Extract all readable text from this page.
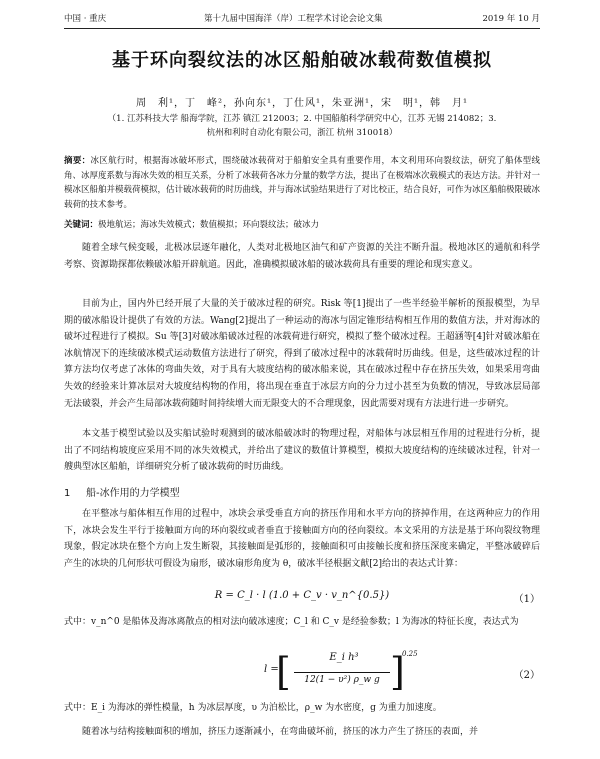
中国 · 重庆	第十九届中国海洋（岸）工程学术讨论会论文集	2019 年 10 月
基于环向裂纹法的冰区船舶破冰载荷数值模拟
周　利¹，丁　峰²，孙向东¹，丁仕风¹，朱亚洲¹，宋　明¹，韩　月¹
（1. 江苏科技大学 船海学院，江苏 镇江 212003；2. 中国船舶科学研究中心，江苏 无锡 214082；3.
杭州和利时自动化有限公司，浙江 杭州 310018）
摘要：冰区航行时，根据海冰破坏形式，围绕破冰载荷对于船舶安全具有重要作用，本文利用环向裂纹法，研究了船体型线角、冰厚度系数与海冰失效的相互关系，分析了冰载荷各冰力分量的数学方法，提出了在极端冰次载模式的表达方法。并针对一模冰区船舶并模载荷模拟，估计破冰载荷的时历曲线，并与海冰试验结果进行了对比校正，结合良好，可作为冰区船舶极限破冰载荷的技术参考。
关键词：极地航运；海冰失效模式；数值模拟；环向裂纹法；破冰力

随着全球气候变暖，北极冰层逐年融化，人类对北极地区油气和矿产资源的关注不断升温。极地冰区的通航和科学考察、资源勘探都依赖破冰船开辟航道。因此，准确模拟破冰船的破冰载荷具有重要的理论和现实意义。

目前为止，国内外已经开展了大量的关于破冰过程的研究。Risk 等[1]提出了一些半经验半解析的预报模型，为早期的破冰船设计提供了有效的方法。Wang[2]提出了一种运动的海冰与固定锥形结构相互作用的数值方法，并对海冰的破坏过程进行了模拟。Su 等[3]对破冰船破冰过程的冰载荷进行研究，模拟了整个破冰过程。王超涵等[4]针对破冰船在冰航情况下的连续破冰模式运动数值方法进行了研究，得到了破冰过程中的冰载荷时历曲线。但是，这些破冰过程的计算方法均仅考虑了冰体的弯曲失效，对于具有大坡度结构的破冰船来说，其在破冰过程中存在挤压失效，如果采用弯曲失效的经验来计算冰层对大坡度结构物的作用，将出现在垂直于冰层方向的分力过小甚至为负数的情况，导致冰层局部无法破裂，并会产生局部冰载荷随时间持续增大而无限变大的不合理现象，因此需要对现有方法进行进一步研究。

本文基于模型试验以及实船试验时观测到的破冰船破冰时的物理过程，对船体与冰层相互作用的过程进行分析，提出了不同结构坡度应采用不同的冰失效模式，并给出了建议的数值计算模型，模拟大坡度结构的连续破冰过程，针对一艘典型冰区船舶，详细研究分析了破冰载荷的时历曲线。

1 船-冰作用的力学模型

在平整冰与船体相互作用的过程中，冰块会承受垂直方向的挤压作用和水平方向的挤掉作用，在这两种应力的作用下，冰块会发生平行于接触面方向的环向裂纹或者垂直于接触面方向的径向裂纹。本文采用的方法是基于环向裂纹物理现象，假定冰块在整个方向上发生断裂，其接触面是弧形的，接触面积可由接触长度和挤压深度来确定，平整冰破碎后产生的冰块的几何形状可假设为扇形，破冰扇形角度为 θ，破冰半径根据文献[2]给出的表达式计算：

R = C_l · l (1.0 + C_v · v_n^{0.5})	（1）
式中：v_n^0 是船体及海冰离散点的相对法向破冰速度；C_l 和 C_v 是经验参数；l 为海冰的特征长度，表达式为
l =
[	E_i h³
12(1 − υ²) ρ_w g ]
0.25
（2）
式中：E_i 为海冰的弹性模量，h 为冰层厚度，υ 为泊松比，ρ_w 为水密度，g 为重力加速度。

随着冰与结构接触面积的增加，挤压力逐渐减小，在弯曲破坏前，挤压的冰力产生了挤压的表面，并
